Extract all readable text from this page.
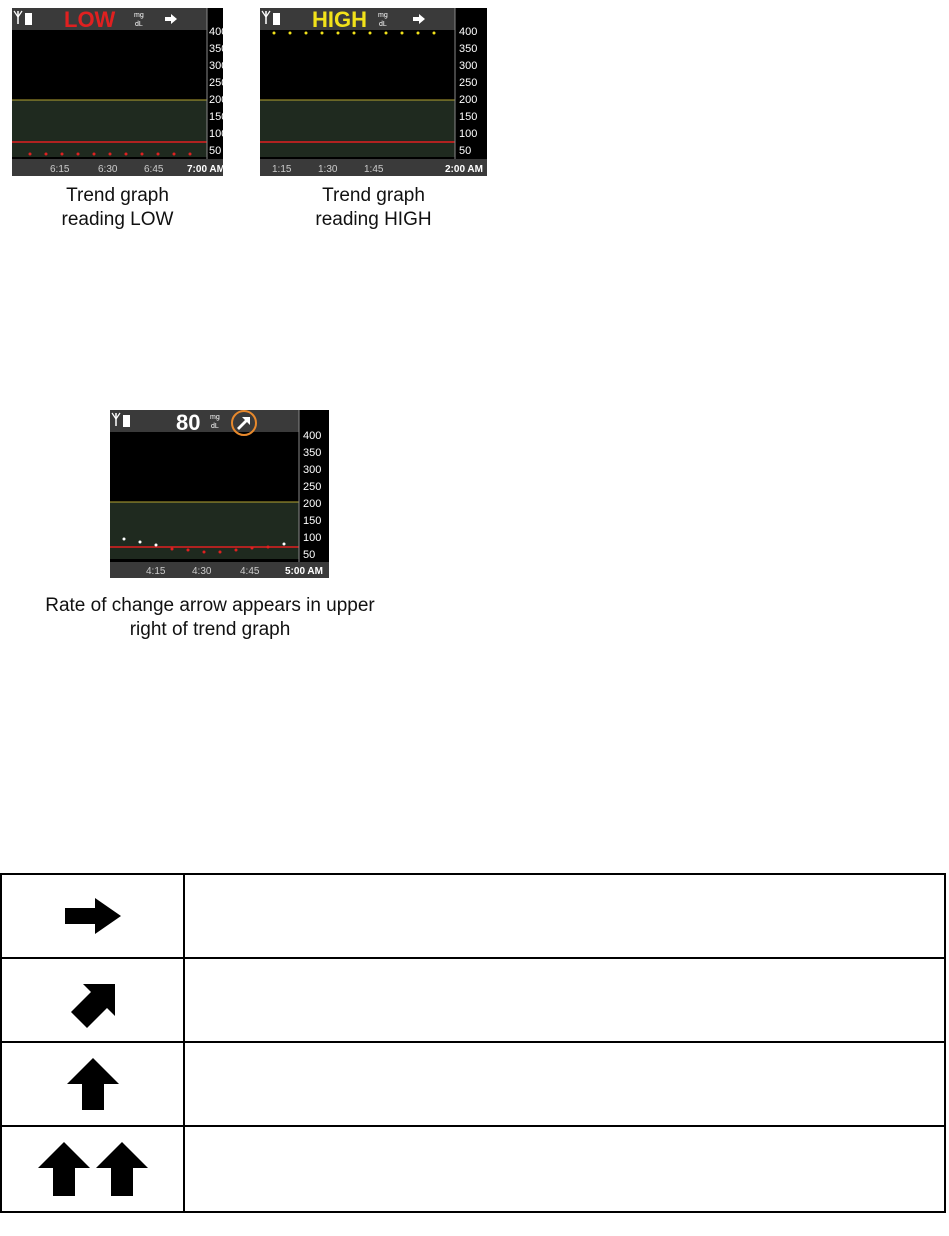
LOW	mg
dL
400
350
300
250
200
150
100
50
6:15	6:30	6:45 7:00 AM
Trend graph
reading LOW
HIGH mg
dL
400
350
300
250
200
150
100
50
1:15	1:30	1:45	2:00 AM
Trend graph
reading HIGH
80 mg
dL
400
350
300
250
200
150
100
50
4:15	4:30	4:45	5:00 AM
Rate of change arrow appears in upper
right of trend graph
